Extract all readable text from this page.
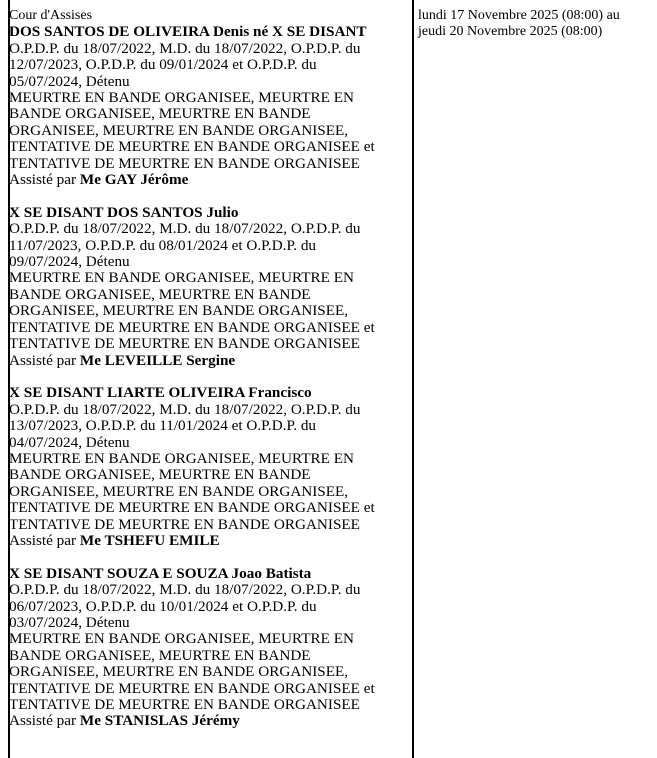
Cour d'Assises
DOS SANTOS DE OLIVEIRA Denis né X SE DISANT
O.P.D.P. du 18/07/2022, M.D. du 18/07/2022, O.P.D.P. du
12/07/2023, O.P.D.P. du 09/01/2024 et O.P.D.P. du
05/07/2024, Détenu
MEURTRE EN BANDE ORGANISEE, MEURTRE EN
BANDE ORGANISEE, MEURTRE EN BANDE
ORGANISEE, MEURTRE EN BANDE ORGANISEE,
TENTATIVE DE MEURTRE EN BANDE ORGANISEE et
TENTATIVE DE MEURTRE EN BANDE ORGANISEE
Assisté par Me GAY Jérôme
X SE DISANT DOS SANTOS Julio
O.P.D.P. du 18/07/2022, M.D. du 18/07/2022, O.P.D.P. du
11/07/2023, O.P.D.P. du 08/01/2024 et O.P.D.P. du
09/07/2024, Détenu
MEURTRE EN BANDE ORGANISEE, MEURTRE EN
BANDE ORGANISEE, MEURTRE EN BANDE
ORGANISEE, MEURTRE EN BANDE ORGANISEE,
TENTATIVE DE MEURTRE EN BANDE ORGANISEE et
TENTATIVE DE MEURTRE EN BANDE ORGANISEE
Assisté par Me LEVEILLE Sergine
X SE DISANT LIARTE OLIVEIRA Francisco
O.P.D.P. du 18/07/2022, M.D. du 18/07/2022, O.P.D.P. du
13/07/2023, O.P.D.P. du 11/01/2024 et O.P.D.P. du
04/07/2024, Détenu
MEURTRE EN BANDE ORGANISEE, MEURTRE EN
BANDE ORGANISEE, MEURTRE EN BANDE
ORGANISEE, MEURTRE EN BANDE ORGANISEE,
TENTATIVE DE MEURTRE EN BANDE ORGANISEE et
TENTATIVE DE MEURTRE EN BANDE ORGANISEE
Assisté par Me TSHEFU EMILE
X SE DISANT SOUZA E SOUZA Joao Batista
O.P.D.P. du 18/07/2022, M.D. du 18/07/2022, O.P.D.P. du
06/07/2023, O.P.D.P. du 10/01/2024 et O.P.D.P. du
03/07/2024, Détenu
MEURTRE EN BANDE ORGANISEE, MEURTRE EN
BANDE ORGANISEE, MEURTRE EN BANDE
ORGANISEE, MEURTRE EN BANDE ORGANISEE,
TENTATIVE DE MEURTRE EN BANDE ORGANISEE et
TENTATIVE DE MEURTRE EN BANDE ORGANISEE
Assisté par Me STANISLAS Jérémy
lundi 17 Novembre 2025 (08:00) au
jeudi 20 Novembre 2025 (08:00)
